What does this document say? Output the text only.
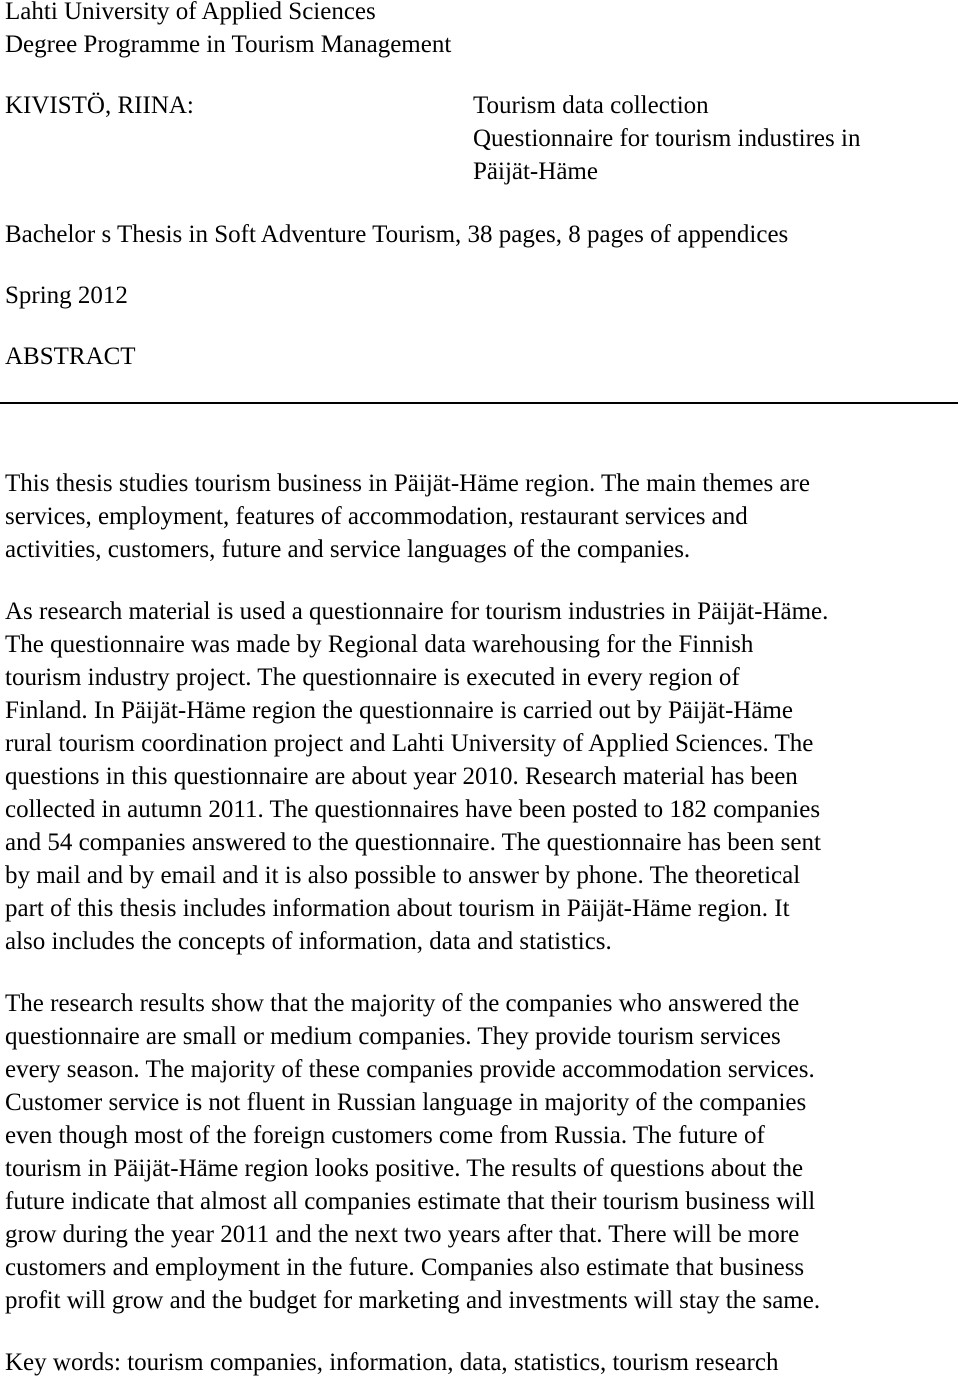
Lahti University of Applied Sciences
Degree Programme in Tourism Management
KIVISTÖ, RIINA:	Tourism data collection
Questionnaire for tourism industires in
Päijät-Häme
Bachelor s Thesis in Soft Adventure Tourism, 38 pages, 8 pages of appendices
Spring 2012
ABSTRACT
This thesis studies tourism business in Päijät-Häme region. The main themes are
services, employment, features of accommodation, restaurant services and
activities, customers, future and service languages of the companies.
As research material is used a questionnaire for tourism industries in Päijät-Häme.
The questionnaire was made by Regional data warehousing for the Finnish
tourism industry project. The questionnaire is executed in every region of
Finland. In Päijät-Häme region the questionnaire is carried out by Päijät-Häme
rural tourism coordination project and Lahti University of Applied Sciences. The
questions in this questionnaire are about year 2010. Research material has been
collected in autumn 2011. The questionnaires have been posted to 182 companies
and 54 companies answered to the questionnaire. The questionnaire has been sent
by mail and by email and it is also possible to answer by phone. The theoretical
part of this thesis includes information about tourism in Päijät-Häme region. It
also includes the concepts of information, data and statistics.
The research results show that the majority of the companies who answered the
questionnaire are small or medium companies. They provide tourism services
every season. The majority of these companies provide accommodation services.
Customer service is not fluent in Russian language in majority of the companies
even though most of the foreign customers come from Russia. The future of
tourism in Päijät-Häme region looks positive. The results of questions about the
future indicate that almost all companies estimate that their tourism business will
grow during the year 2011 and the next two years after that. There will be more
customers and employment in the future. Companies also estimate that business
profit will grow and the budget for marketing and investments will stay the same.
Key words: tourism companies, information, data, statistics, tourism research
